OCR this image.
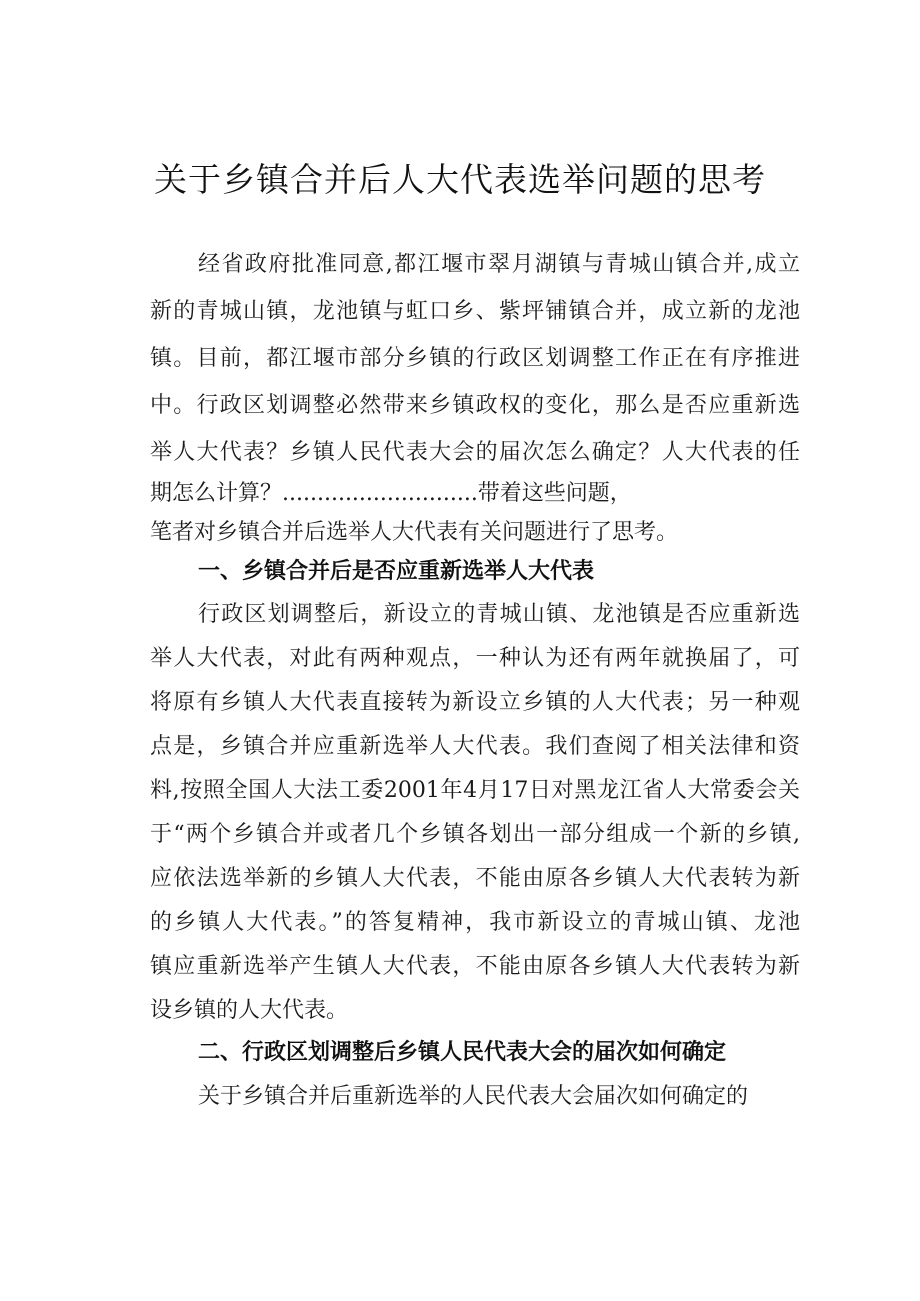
关于乡镇合并后人大代表选举问题的思考

经省政府批准同意,都江堰市翠月湖镇与青城山镇合并,成立

新的青城山镇，龙池镇与虹口乡、紫坪铺镇合并，成立新的龙池

镇。目前，都江堰市部分乡镇的行政区划调整工作正在有序推进

中。行政区划调整必然带来乡镇政权的变化，那么是否应重新选

举人大代表？乡镇人民代表大会的届次怎么确定？人大代表的任

期怎么计算？............................带着这些问题，

笔者对乡镇合并后选举人大代表有关问题进行了思考。

一、乡镇合并后是否应重新选举人大代表

行政区划调整后，新设立的青城山镇、龙池镇是否应重新选

举人大代表，对此有两种观点，一种认为还有两年就换届了，可

将原有乡镇人大代表直接转为新设立乡镇的人大代表；另一种观

点是，乡镇合并应重新选举人大代表。我们查阅了相关法律和资

料,按照全国人大法工委2001年4月17日对黑龙江省人大常委会关

于“两个乡镇合并或者几个乡镇各划出一部分组成一个新的乡镇,

应依法选举新的乡镇人大代表，不能由原各乡镇人大代表转为新

的乡镇人大代表。”的答复精神，我市新设立的青城山镇、龙池

镇应重新选举产生镇人大代表，不能由原各乡镇人大代表转为新

设乡镇的人大代表。

二、行政区划调整后乡镇人民代表大会的届次如何确定

关于乡镇合并后重新选举的人民代表大会届次如何确定的
